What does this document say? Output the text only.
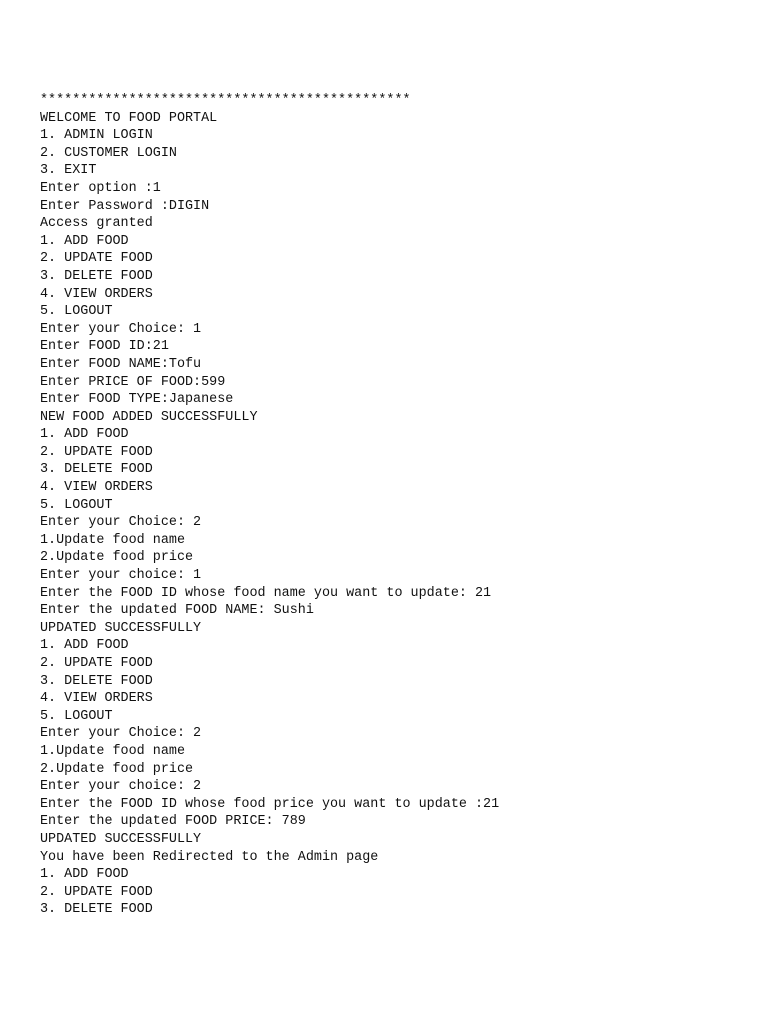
**********************************************
WELCOME TO FOOD PORTAL
1. ADMIN LOGIN
2. CUSTOMER LOGIN
3. EXIT
Enter option :1
Enter Password :DIGIN
Access granted
1. ADD FOOD
2. UPDATE FOOD
3. DELETE FOOD
4. VIEW ORDERS
5. LOGOUT
Enter your Choice: 1
Enter FOOD ID:21
Enter FOOD NAME:Tofu
Enter PRICE OF FOOD:599
Enter FOOD TYPE:Japanese
NEW FOOD ADDED SUCCESSFULLY
1. ADD FOOD
2. UPDATE FOOD
3. DELETE FOOD
4. VIEW ORDERS
5. LOGOUT
Enter your Choice: 2
1.Update food name
2.Update food price
Enter your choice: 1
Enter the FOOD ID whose food name you want to update: 21
Enter the updated FOOD NAME: Sushi
UPDATED SUCCESSFULLY
1. ADD FOOD
2. UPDATE FOOD
3. DELETE FOOD
4. VIEW ORDERS
5. LOGOUT
Enter your Choice: 2
1.Update food name
2.Update food price
Enter your choice: 2
Enter the FOOD ID whose food price you want to update :21
Enter the updated FOOD PRICE: 789
UPDATED SUCCESSFULLY
You have been Redirected to the Admin page
1. ADD FOOD
2. UPDATE FOOD
3. DELETE FOOD
